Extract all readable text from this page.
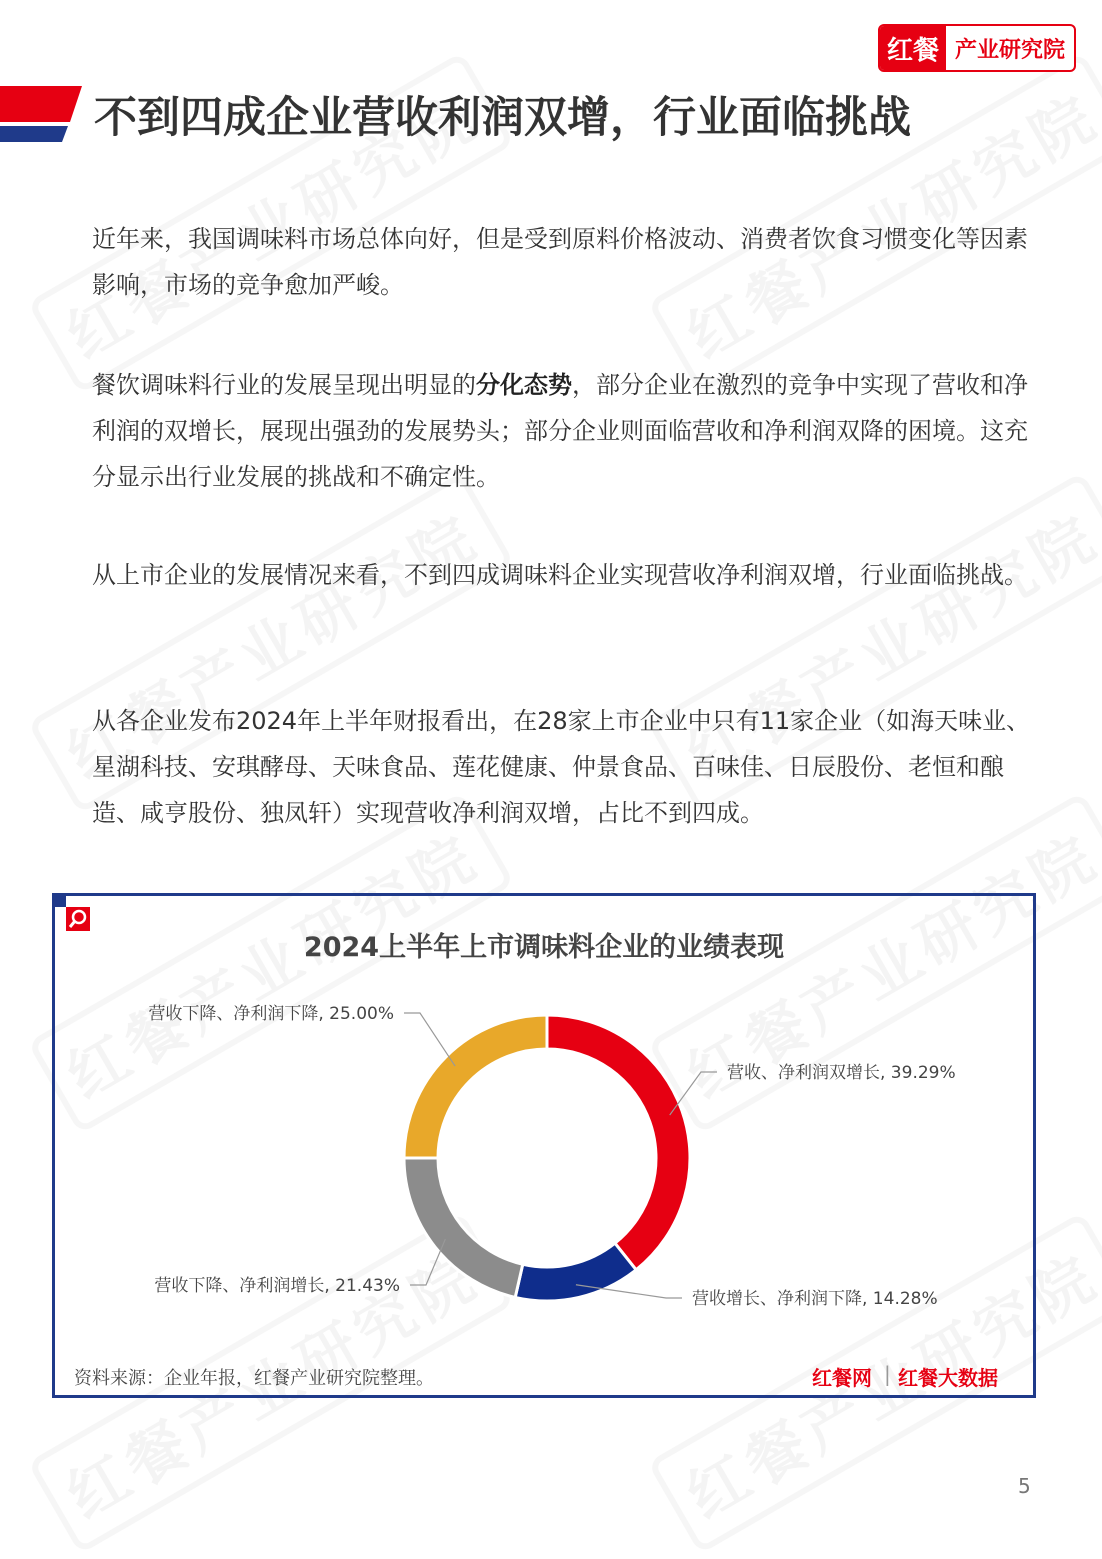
红餐 产业研究院
不到四成企业营收利润双增，行业面临挑战

近年来，我国调味料市场总体向好，但是受到原料价格波动、消费者饮食习惯变化等因素影响，市场的竞争愈加严峻。

餐饮调味料行业的发展呈现出明显的分化态势，部分企业在激烈的竞争中实现了营收和净利润的双增长，展现出强劲的发展势头；部分企业则面临营收和净利润双降的困境。这充分显示出行业发展的挑战和不确定性。

从上市企业的发展情况来看，不到四成调味料企业实现营收净利润双增，行业面临挑战。

从各企业发布2024年上半年财报看出，在28家上市企业中只有11家企业（如海天味业、星湖科技、安琪酵母、天味食品、莲花健康、仲景食品、百味佳、日辰股份、老恒和酿造、咸亨股份、独凤轩）实现营收净利润双增，占比不到四成。

2024上半年上市调味料企业的业绩表现
营收、净利润双增长, 39.29%
营收增长、净利润下降, 14.28%
营收下降、净利润增长, 21.43%
营收下降、净利润下降, 25.00%
资料来源：企业年报，红餐产业研究院整理。	红餐网 | 红餐大数据
5
